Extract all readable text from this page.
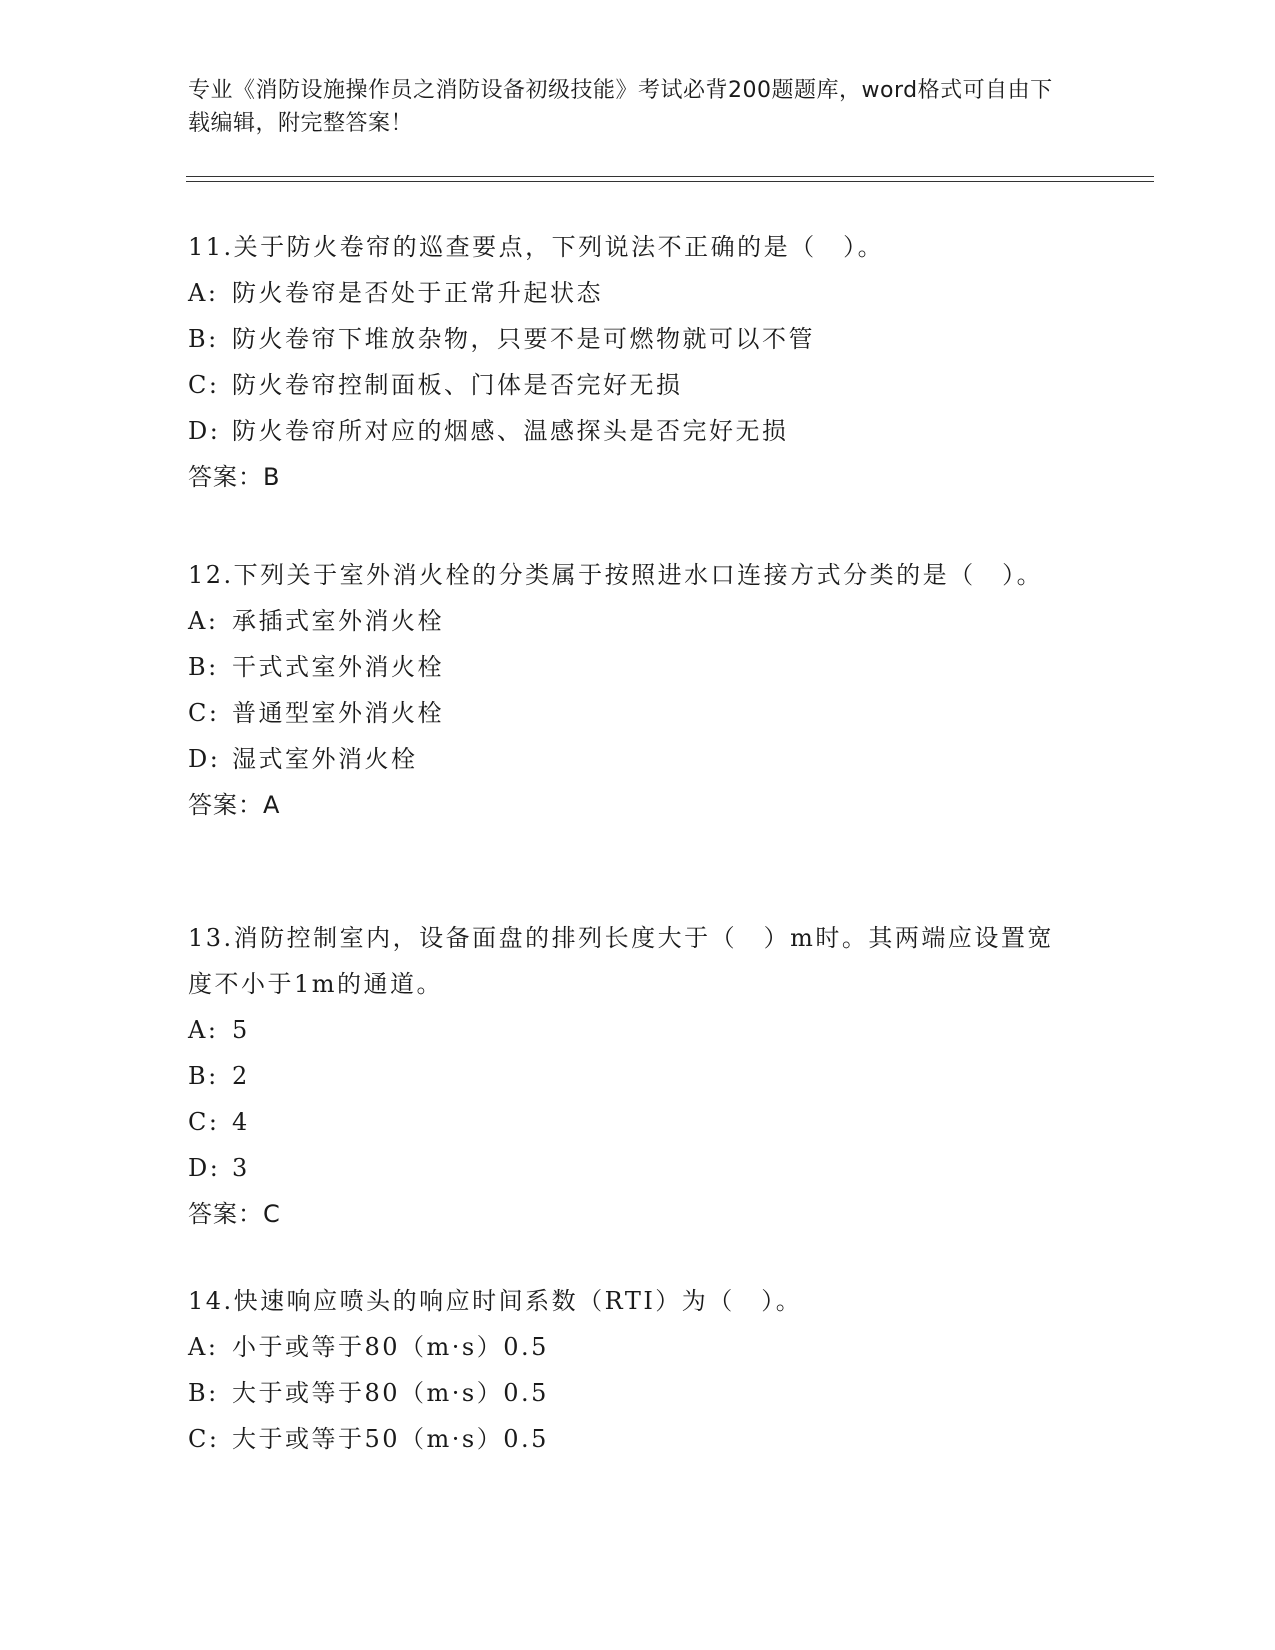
专业《消防设施操作员之消防设备初级技能》考试必背200题题库，word格式可自由下载编辑，附完整答案！

11.关于防火卷帘的巡查要点，下列说法不正确的是（　）。

A: 防火卷帘是否处于正常升起状态

B: 防火卷帘下堆放杂物，只要不是可燃物就可以不管

C: 防火卷帘控制面板、门体是否完好无损

D: 防火卷帘所对应的烟感、温感探头是否完好无损

答案：B

12.下列关于室外消火栓的分类属于按照进水口连接方式分类的是（　）。

A: 承插式室外消火栓

B: 干式式室外消火栓

C: 普通型室外消火栓

D: 湿式室外消火栓

答案：A

13.消防控制室内，设备面盘的排列长度大于（　）m时。其两端应设置宽度不小于1m的通道。

A: 5

B: 2

C: 4

D: 3

答案：C

14.快速响应喷头的响应时间系数（RTI）为（　）。

A: 小于或等于80（m·s）0.5

B: 大于或等于80（m·s）0.5

C: 大于或等于50（m·s）0.5
